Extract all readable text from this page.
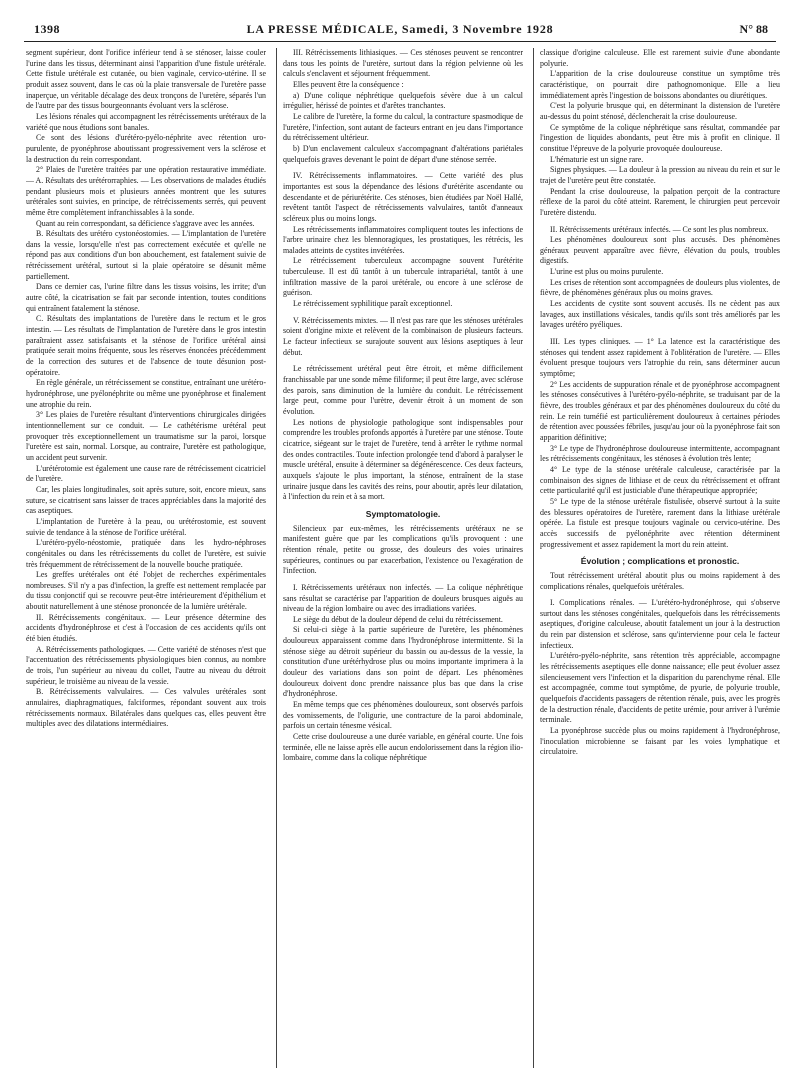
1398	LA PRESSE MÉDICALE, Samedi, 3 Novembre 1928	N° 88

segment supérieur, dont l'orifice inférieur tend à se sténoser, laisse couler l'urine dans les tissus, déterminant ainsi l'apparition d'une fistule urétérale. Cette fistule urétérale est cutanée, ou bien vaginale, cervico-utérine. Il se produit assez souvent, dans le cas où la plaie transversale de l'uretère passe inaperçue, un véritable décalage des deux tronçons de l'uretère, séparés l'un de l'autre par des tissus bourgeonnants évoluant vers la sclérose.

Les lésions rénales qui accompagnent les rétrécissements urétéraux de la variété que nous étudions sont banales.

Ce sont des lésions d'urétéro-pyélo-néphrite avec rétention uro-purulente, de pyonéphrose aboutissant progressivement vers la sclérose et la destruction du rein correspondant.

2° Plaies de l'uretère traitées par une opération restaurative immédiate. — A. Résultats des urétérorraphies. — Les observations de malades étudiés pendant plusieurs mois et plusieurs années montrent que les sutures urétérales sont suivies, en principe, de rétrécissements serrés, qui peuvent même être complètement infranchissables à la sonde.

Quant au rein correspondant, sa déficience s'aggrave avec les années.

B. Résultats des urétéro cystonéostomies. — L'implantation de l'uretère dans la vessie, lorsqu'elle n'est pas correctement exécutée et qu'elle ne répond pas aux conditions d'un bon abouchement, est fatalement suivie de rétrécissement urétéral, surtout si la plaie opératoire se désunit même partiellement.

Dans ce dernier cas, l'urine filtre dans les tissus voisins, les irrite; d'un autre côté, la cicatrisation se fait par seconde intention, toutes conditions qui entraînent fatalement la sténose.

C. Résultats des implantations de l'uretère dans le rectum et le gros intestin. — Les résultats de l'implantation de l'uretère dans le gros intestin paraîtraient assez satisfaisants et la sténose de l'orifice urétéral ainsi pratiquée serait moins fréquente, sous les réserves énoncées précédemment de la correction des sutures et de l'absence de toute désunion post-opératoire.

En règle générale, un rétrécissement se constitue, entraînant une urétéro-hydronéphrose, une pyélonéphrite ou même une pyonéphrose et finalement une atrophie du rein.

3° Les plaies de l'uretère résultant d'interventions chirurgicales dirigées intentionnellement sur ce conduit. — Le cathétérisme urétéral peut provoquer très exceptionnellement un traumatisme sur la paroi, lorsque l'uretère est sain, normal. Lorsque, au contraire, l'uretère est pathologique, un accident peut survenir.

L'urétérotomie est également une cause rare de rétrécissement cicatriciel de l'uretère.

Car, les plaies longitudinales, soit après suture, soit, encore mieux, sans suture, se cicatrisent sans laisser de traces appréciables dans la majorité des cas aseptiques.

L'implantation de l'uretère à la peau, ou urétérostomie, est souvent suivie de tendance à la sténose de l'orifice urétéral.

L'urétéro-pyélo-néostomie, pratiquée dans les hydro-néphroses congénitales ou dans les rétrécissements du collet de l'uretère, est suivie très fréquemment de rétrécissement de la nouvelle bouche pratiquée.

Les greffes urétérales ont été l'objet de recherches expérimentales nombreuses. S'il n'y a pas d'infection, la greffe est nettement remplacée par du tissu conjonctif qui se recouvre peut-être intérieurement d'épithélium et aboutit naturellement à une sténose prononcée de la lumière urétérale.

II. Rétrécissements congénitaux. — Leur présence détermine des accidents d'hydronéphrose et c'est à l'occasion de ces accidents qu'ils ont été bien étudiés.

A. Rétrécissements pathologiques. — Cette variété de sténoses n'est que l'accentuation des rétrécissements physiologiques bien connus, au nombre de trois, l'un supérieur au niveau du collet, l'autre au niveau du détroit supérieur, le troisième au niveau de la vessie.

B. Rétrécissements valvulaires. — Ces valvules urétérales sont annulaires, diaphragmatiques, falciformes, répondant souvent aux trois rétrécissements normaux. Bilatérales dans quelques cas, elles peuvent être multiples avec des dilatations intermédiaires.

III. Rétrécissements lithiasiques. — Ces sténoses peuvent se rencontrer dans tous les points de l'uretère, surtout dans la région pelvienne où les calculs s'enclavent et séjournent fréquemment.

Elles peuvent être la conséquence :

a) D'une colique néphrétique quelquefois sévère due à un calcul irrégulier, hérissé de pointes et d'arêtes tranchantes.

Le calibre de l'uretère, la forme du calcul, la contracture spasmodique de l'uretère, l'infection, sont autant de facteurs entrant en jeu dans l'importance du rétrécissement ultérieur.

b) D'un enclavement calculeux s'accompagnant d'altérations pariétales quelquefois graves devenant le point de départ d'une sténose serrée.

IV. Rétrécissements inflammatoires. — Cette variété des plus importantes est sous la dépendance des lésions d'urétérite ascendante ou descendante et de périurétérite. Ces sténoses, bien étudiées par Noël Hallé, revêtent tantôt l'aspect de rétrécissements valvulaires, tantôt d'anneaux scléreux plus ou moins longs.

Les rétrécissements inflammatoires compliquent toutes les infections de l'arbre urinaire chez les blennoragiques, les prostatiques, les rétrécis, les malades atteints de cystites invétérées.

Le rétrécissement tuberculeux accompagne souvent l'urétérite tuberculeuse. Il est dû tantôt à un tubercule intrapariétal, tantôt à une infiltration massive de la paroi urétérale, ou encore à une sclérose de guérison.

Le rétrécissement syphilitique paraît exceptionnel.

V. Rétrécissements mixtes. — Il n'est pas rare que les sténoses urétérales soient d'origine mixte et relèvent de la combinaison de plusieurs facteurs. Le facteur infectieux se surajoute souvent aux lésions aseptiques à leur début.

Le rétrécissement urétéral peut être étroit, et même difficilement franchissable par une sonde même filiforme; il peut être large, avec sclérose des parois, sans diminution de la lumière du conduit. Le rétrécissement large peut, comme pour l'urètre, devenir étroit à un moment de son évolution.

Les notions de physiologie pathologique sont indispensables pour comprendre les troubles profonds apportés à l'uretère par une sténose. Toute cicatrice, siégeant sur le trajet de l'uretère, tend à arrêter le rythme normal des ondes contractiles. Toute infection prolongée tend d'abord à paralyser le muscle urétéral, ensuite à déterminer sa dégénérescence. Ces deux facteurs, auxquels s'ajoute le plus important, la sténose, entraînent de la stase urinaire jusque dans les cavités des reins, pour aboutir, après leur dilatation, à l'infection du rein et à sa mort.

Symptomatologie.

Silencieux par eux-mêmes, les rétrécissements urétéraux ne se manifestent guère que par les complications qu'ils provoquent : une rétention rénale, petite ou grosse, des douleurs des voies urinaires supérieures, continues ou par exacerbation, l'existence ou l'exagération de l'infection.

I. Rétrécissements urétéraux non infectés. — La colique néphrétique sans résultat se caractérise par l'apparition de douleurs brusques aiguës au niveau de la région lombaire ou avec des irradiations variées.

Le siège du début de la douleur dépend de celui du rétrécissement.

Si celui-ci siège à la partie supérieure de l'uretère, les phénomènes douloureux apparaissent comme dans l'hydronéphrose intermittente. Si la sténose siège au détroit supérieur du bassin ou au-dessus de la vessie, la constitution d'une urétérhydrose plus ou moins importante imprimera à la douleur des variations dans son point de départ. Les phénomènes douloureux doivent donc prendre naissance plus bas que dans la crise d'hydronéphrose.

En même temps que ces phénomènes douloureux, sont observés parfois des vomissements, de l'oligurie, une contracture de la paroi abdominale, parfois un certain ténesme vésical.

Cette crise douloureuse a une durée variable, en général courte. Une fois terminée, elle ne laisse après elle aucun endolorissement dans la région ilio-lombaire, comme dans la colique néphrétique

classique d'origine calculeuse. Elle est rarement suivie d'une abondante polyurie.

L'apparition de la crise douloureuse constitue un symptôme très caractéristique, on pourrait dire pathognomonique. Elle a lieu immédiatement après l'ingestion de boissons abondantes ou diurétiques.

C'est la polyurie brusque qui, en déterminant la distension de l'uretère au-dessus du point sténosé, déclencherait la crise douloureuse.

Ce symptôme de la colique néphrétique sans résultat, commandée par l'ingestion de liquides abondants, peut être mis à profit en clinique. Il constitue l'épreuve de la polyurie provoquée douloureuse.

L'hématurie est un signe rare.

Signes physiques. — La douleur à la pression au niveau du rein et sur le trajet de l'uretère peut être constatée.

Pendant la crise douloureuse, la palpation perçoit de la contracture réflexe de la paroi du côté atteint. Rarement, le chirurgien peut percevoir l'uretère distendu.

II. Rétrécissements urétéraux infectés. — Ce sont les plus nombreux.

Les phénomènes douloureux sont plus accusés. Des phénomènes généraux peuvent apparaître avec fièvre, élévation du pouls, troubles digestifs.

L'urine est plus ou moins purulente.

Les crises de rétention sont accompagnées de douleurs plus violentes, de fièvre, de phénomènes généraux plus ou moins graves.

Les accidents de cystite sont souvent accusés. Ils ne cèdent pas aux lavages, aux instillations vésicales, tandis qu'ils sont très améliorés par les lavages urétéro pyéliques.

III. Les types cliniques. — 1° La latence est la caractéristique des sténoses qui tendent assez rapidement à l'oblitération de l'uretère. — Elles évoluent presque toujours vers l'atrophie du rein, sans déterminer aucun symptôme;

2° Les accidents de suppuration rénale et de pyonéphrose accompagnent les sténoses consécutives à l'urétéro-pyélo-néphrite, se traduisant par de la fièvre, des troubles généraux et par des phénomènes douloureux du côté du rein. Le rein tuméfié est particulièrement douloureux à certaines périodes de rétention avec poussées fébriles, jusqu'au jour où la pyonéphrose fait son apparition définitive;

3° Le type de l'hydronéphrose douloureuse intermittente, accompagnant les rétrécissements congénitaux, les sténoses à évolution très lente;

4° Le type de la sténose urétérale calculeuse, caractérisée par la combinaison des signes de lithiase et de ceux du rétrécissement et offrant cette particularité qu'il est justiciable d'une thérapeutique appropriée;

5° Le type de la sténose urétérale fistulisée, observé surtout à la suite des blessures opératoires de l'uretère, rarement dans la lithiase urétérale opérée. La fistule est presque toujours vaginale ou cervico-utérine. Des accès successifs de pyélonéphrite avec rétention déterminent progressivement et assez rapidement la mort du rein atteint.

Évolution ; complications et pronostic.

Tout rétrécissement urétéral aboutit plus ou moins rapidement à des complications rénales, quelquefois urétérales.

I. Complications rénales. — L'urétéro-hydronéphrose, qui s'observe surtout dans les sténoses congénitales, quelquefois dans les rétrécissements aseptiques, d'origine calculeuse, aboutit fatalement un jour à la destruction du rein par distension et sclérose, sans qu'intervienne pour cela le facteur infectieux.

L'urétéro-pyélo-néphrite, sans rétention très appréciable, accompagne les rétrécissements aseptiques elle donne naissance; elle peut évoluer assez silencieusement vers l'infection et la disparition du parenchyme rénal. Elle est accompagnée, comme tout symptôme, de pyurie, de polyurie trouble, quelquefois d'accidents passagers de rétention rénale, puis, avec les progrès de la destruction rénale, d'accidents de petite urémie, pour arriver à l'urémie terminale.

La pyonéphrose succède plus ou moins rapidement à l'hydronéphrose, l'inoculation microbienne se faisant par les voies lymphatique et circulatoire.
